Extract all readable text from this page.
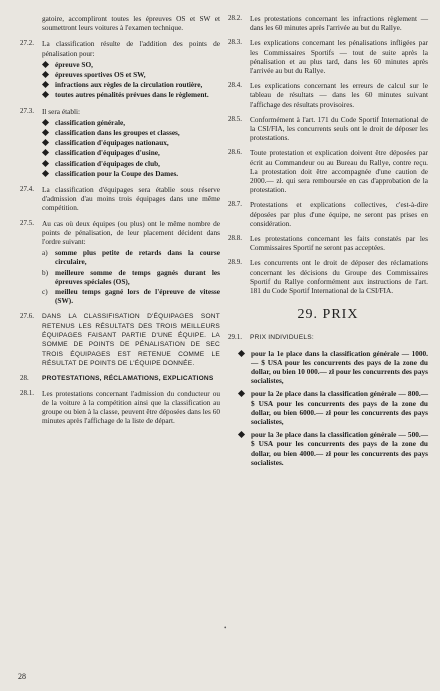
gatoire, accompliront toutes les épreuves OS et SW et soumettront leurs voitures à l'examen technique.
27.2.	La classification résulte de l'addition des points de pénalisation pour:
épreuve SO,
épreuves sportives OS et SW,
infractions aux règles de la circulation routière,
toutes autres pénalités prévues dans le règlement.
27.3.	Il sera établi:
classification générale,
classification dans les groupes et classes,
classification d'équipages nationaux,
classification d'équipages d'usine,
classification d'équipages de club,
classification pour la Coupe des Dames.
27.4.	La classification d'équipages sera établie sous réserve d'admission d'au moins trois équipages dans une même compétition.
27.5.	Au cas où deux équipes (ou plus) ont le même nombre de points de pénalisation, de leur placement décident dans l'ordre suivant:
a)	somme plus petite de retards dans la course circulaire,
b) meilleure somme de temps gagnés durant les épreuves spéciales (OS),
c)	meilleu temps gagné lors de l'épreuve de vitesse (SW).
27.6.	DANS LA CLASSIFISATION D'ÉQUIPAGES SONT RETENUS LES RÉSULTATS DES TROIS MEILLEURS ÉQUIPAGES FAISANT PARTIE D'UNE ÉQUIPE. LA SOMME DE POINTS DE PÉNALISATION DE SEC TROIS ÉQUIPAGES EST RETENUE COMME LE RÉSULTAT DE POINTS DE L'ÉQUIPE DONNÉE.
28.	PROTESTATIONS, RÉCLAMATIONS, EXPLICATIONS
28.1.	Les protestations concernant l'admission du conducteur ou de la voiture à la compétition ainsi que la classification au groupe ou bien à la classe, peuvent être déposées dans les 60 minutes après l'affichage de la liste de départ.
28.2.	Les protestations concernant les infractions règlement — dans les 60 minutes après l'arrivée au but du Rallye.
28.3.	Les explications concernant les pénalisations infligées par les Commissaires Sportifs — tout de suite après la pénalisation et au plus tard, dans les 60 minutes après l'arrivée au but du Rallye.
28.4.	Les explications concernant les erreurs de calcul sur le tableau de résultats — dans les 60 minutes suivant l'affichage des résultats provisoires.
28.5.	Conformément à l'art. 171 du Code Sportif International de la CSI/FIA, les concurrents seuls ont le droit de déposer les protestations.
28.6.	Toute protestation et explication doivent être déposées par écrit au Commandeur ou au Bureau du Rallye, contre reçu. La protestation doit être accompagnée d'une caution de 2000.— zł. qui sera remboursée en cas d'approbation de la protestation.
28.7.	Protestations et explications collectives, c'est-à-dire déposées par plus d'une équipe, ne seront pas prises en considération.
28.8.	Les protestations concernant les faits constatés par les Commissaires Sportif ne seront pas acceptées.
28.9.	Les concurrents ont le droit de déposer des réclamations concernant les décisions du Groupe des Commissaires Sportif du Rallye conformément aux instructions de l'art. 181 du Code Sportif International de la CSI/FIA.
29. PRIX
29.1.	PRIX INDIVIDUELS:
pour la 1e place dans la classification générale — 1000.— $ USA pour les concurrents des pays de la zone du dollar, ou bien 10 000.— zł pour les concurrents des pays socialistes,
pour la 2e place dans la classification générale — 800.— $ USA pour les concurrents des pays de la zone du dollar, ou bien 6000.— zł pour les concurrents des pays socialistes,
pour la 3e place dans la classification générale — 500.— $ USA pour les concurrents des pays de la zone du dollar, ou bien 4000.— zł pour les concurrents des pays socialistes.
•
28
